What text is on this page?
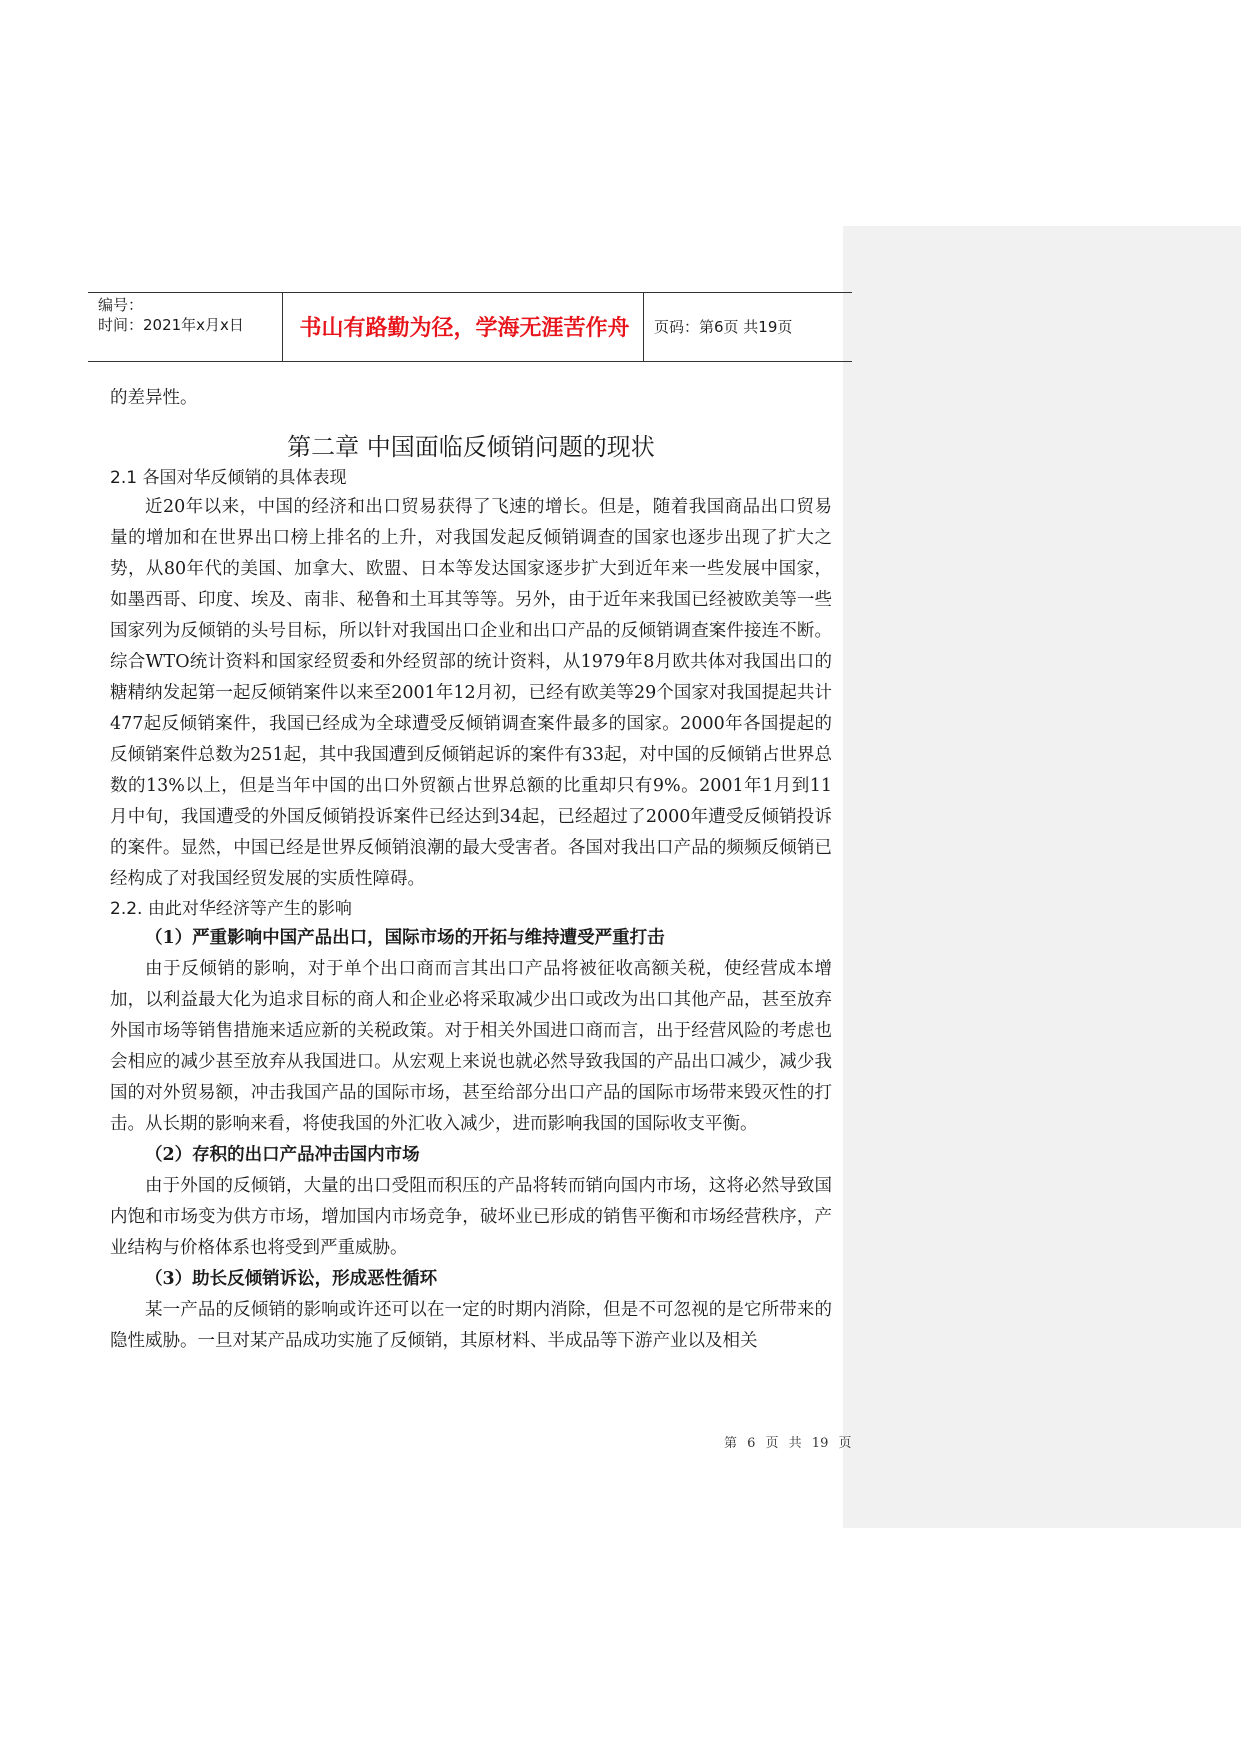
编号：
时间：2021年x月x日	书山有路勤为径，学海无涯苦作舟	页码：第6页 共19页

的差异性。

第二章 中国面临反倾销问题的现状

2.1 各国对华反倾销的具体表现

近20年以来，中国的经济和出口贸易获得了飞速的增长。但是，随着我国商品出口贸易量的增加和在世界出口榜上排名的上升，对我国发起反倾销调查的国家也逐步出现了扩大之势，从80年代的美国、加拿大、欧盟、日本等发达国家逐步扩大到近年来一些发展中国家，如墨西哥、印度、埃及、南非、秘鲁和土耳其等等。另外，由于近年来我国已经被欧美等一些国家列为反倾销的头号目标，所以针对我国出口企业和出口产品的反倾销调查案件接连不断。综合WTO统计资料和国家经贸委和外经贸部的统计资料，从1979年8月欧共体对我国出口的糖精纳发起第一起反倾销案件以来至2001年12月初，已经有欧美等29个国家对我国提起共计477起反倾销案件，我国已经成为全球遭受反倾销调查案件最多的国家。2000年各国提起的反倾销案件总数为251起，其中我国遭到反倾销起诉的案件有33起，对中国的反倾销占世界总数的13%以上，但是当年中国的出口外贸额占世界总额的比重却只有9%。2001年1月到11月中旬，我国遭受的外国反倾销投诉案件已经达到34起，已经超过了2000年遭受反倾销投诉的案件。显然，中国已经是世界反倾销浪潮的最大受害者。各国对我出口产品的频频反倾销已经构成了对我国经贸发展的实质性障碍。

2.2. 由此对华经济等产生的影响

（1）严重影响中国产品出口，国际市场的开拓与维持遭受严重打击

由于反倾销的影响，对于单个出口商而言其出口产品将被征收高额关税，使经营成本增加，以利益最大化为追求目标的商人和企业必将采取减少出口或改为出口其他产品，甚至放弃外国市场等销售措施来适应新的关税政策。对于相关外国进口商而言，出于经营风险的考虑也会相应的减少甚至放弃从我国进口。从宏观上来说也就必然导致我国的产品出口减少，减少我国的对外贸易额，冲击我国产品的国际市场，甚至给部分出口产品的国际市场带来毁灭性的打击。从长期的影响来看，将使我国的外汇收入减少，进而影响我国的国际收支平衡。

（2）存积的出口产品冲击国内市场

由于外国的反倾销，大量的出口受阻而积压的产品将转而销向国内市场，这将必然导致国内饱和市场变为供方市场，增加国内市场竞争，破坏业已形成的销售平衡和市场经营秩序，产业结构与价格体系也将受到严重威胁。

（3）助长反倾销诉讼，形成恶性循环

某一产品的反倾销的影响或许还可以在一定的时期内消除，但是不可忽视的是它所带来的隐性威胁。一旦对某产品成功实施了反倾销，其原材料、半成品等下游产业以及相关

第 6 页 共 19 页
